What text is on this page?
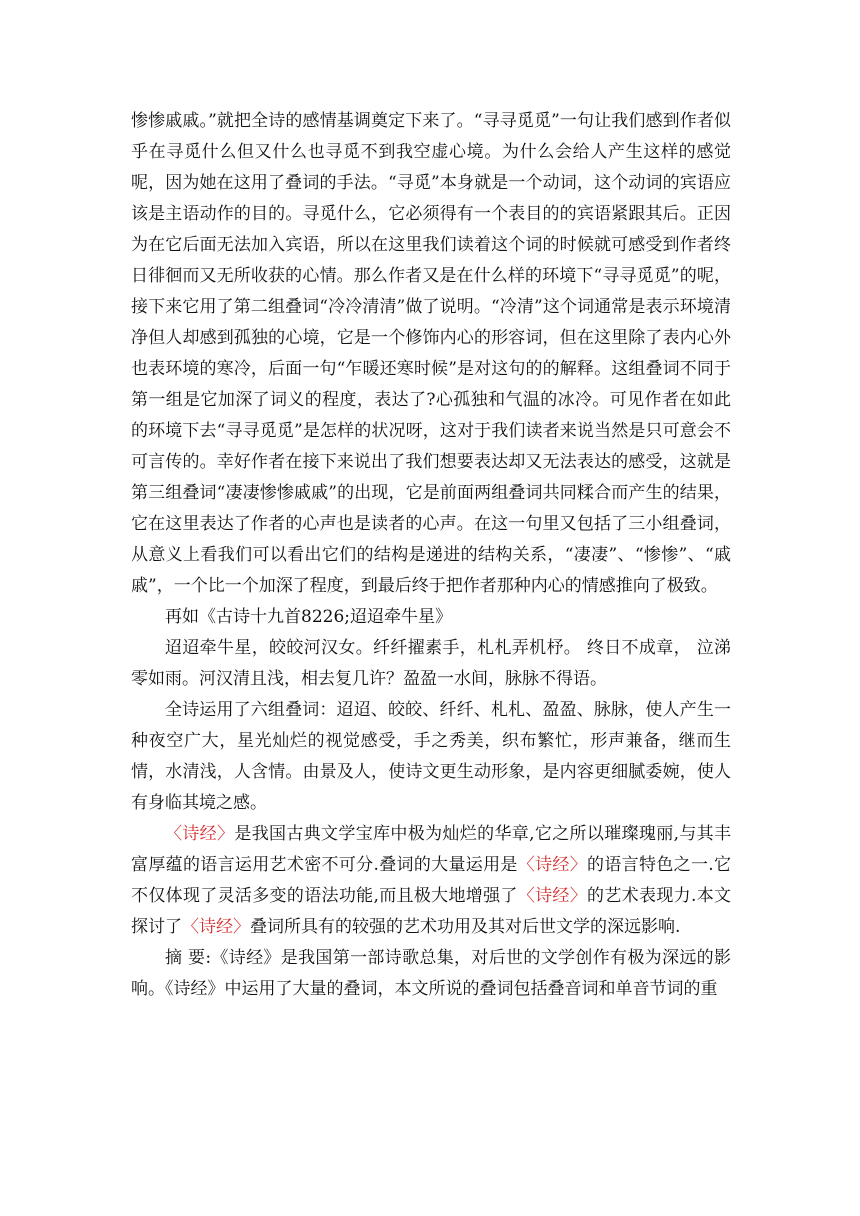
惨惨戚戚。”就把全诗的感情基调奠定下来了。“寻寻觅觅”一句让我们感到作者似乎在寻觅什么但又什么也寻觅不到我空虚心境。为什么会给人产生这样的感觉呢，因为她在这用了叠词的手法。“寻觅”本身就是一个动词，这个动词的宾语应该是主语动作的目的。寻觅什么，它必须得有一个表目的的宾语紧跟其后。正因为在它后面无法加入宾语，所以在这里我们读着这个词的时候就可感受到作者终日徘徊而又无所收获的心情。那么作者又是在什么样的环境下“寻寻觅觅”的呢，接下来它用了第二组叠词“冷冷清清”做了说明。“冷清”这个词通常是表示环境清净但人却感到孤独的心境，它是一个修饰内心的形容词，但在这里除了表内心外也表环境的寒冷，后面一句“乍暖还寒时候”是对这句的的解释。这组叠词不同于第一组是它加深了词义的程度，表达了?心孤独和气温的冰冷。可见作者在如此的环境下去“寻寻觅觅”是怎样的状况呀，这对于我们读者来说当然是只可意会不可言传的。幸好作者在接下来说出了我们想要表达却又无法表达的感受，这就是第三组叠词“凄凄惨惨戚戚”的出现，它是前面两组叠词共同糅合而产生的结果，它在这里表达了作者的心声也是读者的心声。在这一句里又包括了三小组叠词，从意义上看我们可以看出它们的结构是递进的结构关系，“凄凄”、“惨惨”、“戚戚”，一个比一个加深了程度，到最后终于把作者那种内心的情感推向了极致。

再如《古诗十九首8226;迢迢牵牛星》

迢迢牵牛星，皎皎河汉女。纤纤擢素手，札札弄机杼。 终日不成章， 泣涕零如雨。河汉清且浅，相去复几许？盈盈一水间，脉脉不得语。

全诗运用了六组叠词：迢迢、皎皎、纤纤、札札、盈盈、脉脉，使人产生一种夜空广大，星光灿烂的视觉感受，手之秀美，织布繁忙，形声兼备，继而生情，水清浅，人含情。由景及人，使诗文更生动形象，是内容更细腻委婉，使人有身临其境之感。

〈诗经〉是我国古典文学宝库中极为灿烂的华章,它之所以璀璨瑰丽,与其丰富厚蕴的语言运用艺术密不可分.叠词的大量运用是〈诗经〉的语言特色之一.它不仅体现了灵活多变的语法功能,而且极大地增强了〈诗经〉的艺术表现力.本文探讨了〈诗经〉叠词所具有的较强的艺术功用及其对后世文学的深远影响.

摘 要:《诗经》是我国第一部诗歌总集，对后世的文学创作有极为深远的影响。《诗经》中运用了大量的叠词，本文所说的叠词包括叠音词和单音节词的重
